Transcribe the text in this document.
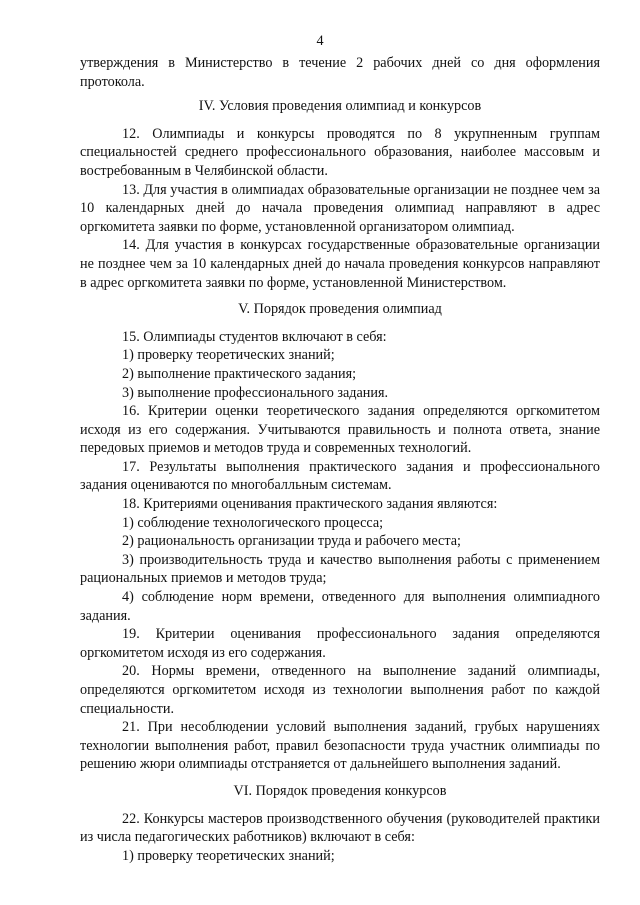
4

утверждения в Министерство в течение 2 рабочих дней со дня оформления протокола.

IV. Условия проведения олимпиад и конкурсов

12. Олимпиады и конкурсы проводятся по 8 укрупненным группам специальностей среднего профессионального образования, наиболее массовым и востребованным в Челябинской области.

13. Для участия в олимпиадах образовательные организации не позднее чем за 10 календарных дней до начала проведения олимпиад направляют в адрес оргкомитета заявки по форме, установленной организатором олимпиад.

14. Для участия в конкурсах государственные образовательные организации не позднее чем за 10 календарных дней до начала проведения конкурсов направляют в адрес оргкомитета заявки по форме, установленной Министерством.

V. Порядок проведения олимпиад

15. Олимпиады студентов включают в себя:

1) проверку теоретических знаний;

2) выполнение практического задания;

3) выполнение профессионального задания.

16. Критерии оценки теоретического задания определяются оргкомитетом исходя из его содержания. Учитываются правильность и полнота ответа, знание передовых приемов и методов труда и современных технологий.

17. Результаты выполнения практического задания и профессионального задания оцениваются по многобалльным системам.

18. Критериями оценивания практического задания являются:

1) соблюдение технологического процесса;

2) рациональность организации труда и рабочего места;

3) производительность труда и качество выполнения работы с применением рациональных приемов и методов труда;

4) соблюдение норм времени, отведенного для выполнения олимпиадного задания.

19. Критерии оценивания профессионального задания определяются оргкомитетом исходя из его содержания.

20. Нормы времени, отведенного на выполнение заданий олимпиады, определяются оргкомитетом исходя из технологии выполнения работ по каждой специальности.

21. При несоблюдении условий выполнения заданий, грубых нарушениях технологии выполнения работ, правил безопасности труда участник олимпиады по решению жюри олимпиады отстраняется от дальнейшего выполнения заданий.

VI. Порядок проведения конкурсов

22. Конкурсы мастеров производственного обучения (руководителей практики из числа педагогических работников) включают в себя:

1) проверку теоретических знаний;
